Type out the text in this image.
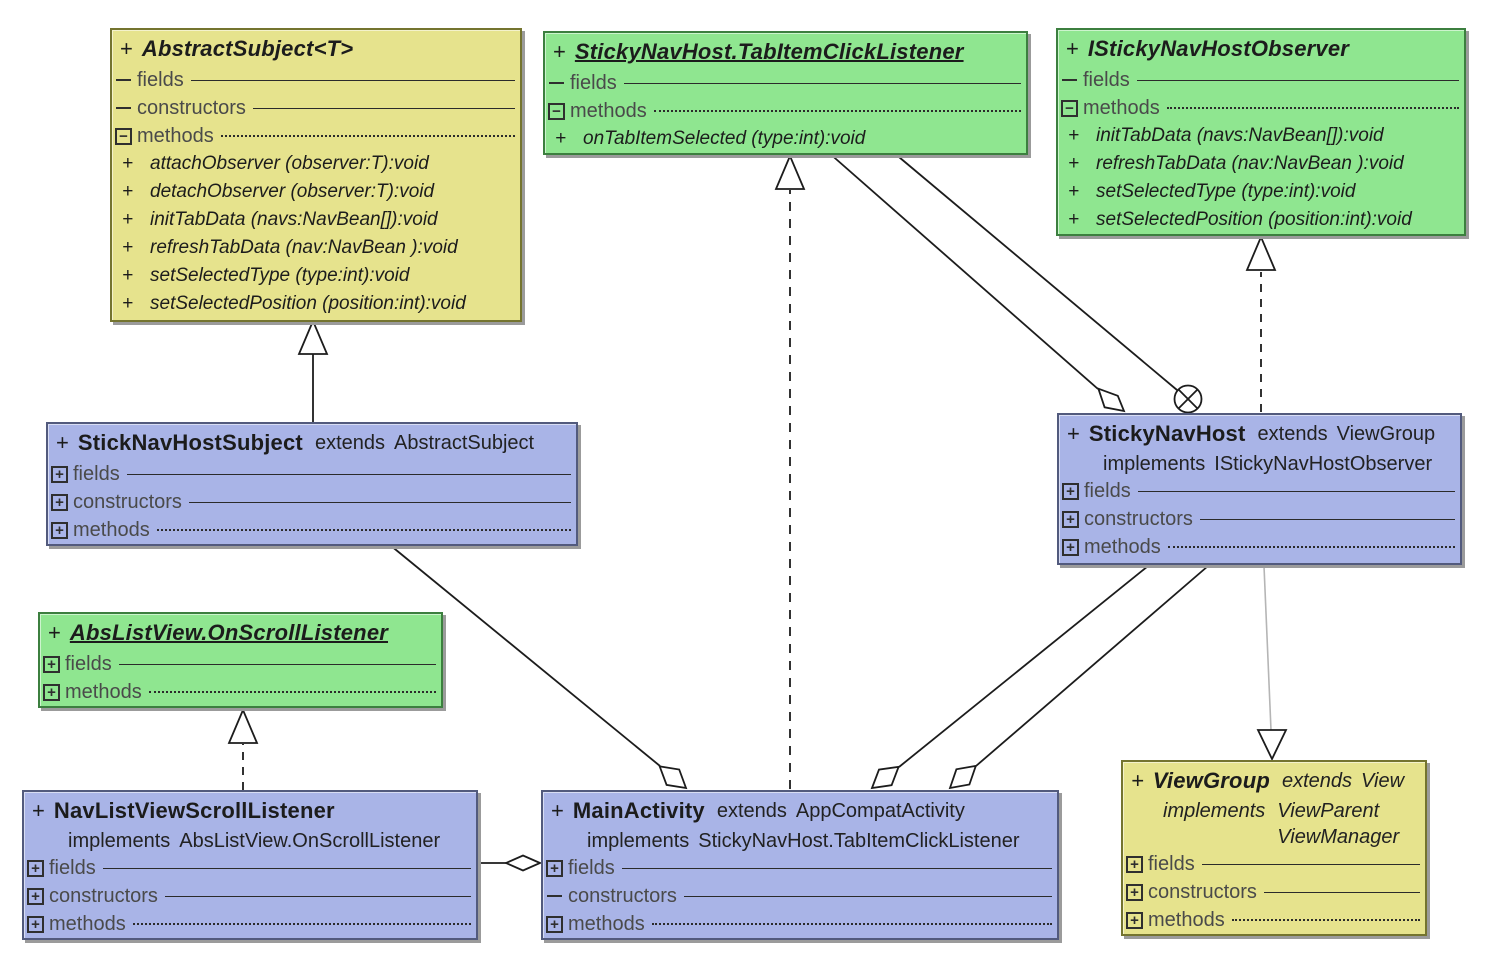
+ AbstractSubject<T>
fields
constructors
− methods
+ attachObserver (observer:T):void
+ detachObserver (observer:T):void
+ initTabData (navs:NavBean[]):void
+ refreshTabData (nav:NavBean ):void
+ setSelectedType (type:int):void
+ setSelectedPosition (position:int):void
+ StickyNavHost.TabItemClickListener
fields
− methods
+ onTabItemSelected (type:int):void
+ IStickyNavHostObserver
fields
− methods
+ initTabData (navs:NavBean[]):void
+ refreshTabData (nav:NavBean ):void
+ setSelectedType (type:int):void
+ setSelectedPosition (position:int):void
+ StickNavHostSubject extends AbstractSubject
+ fields
+ constructors
+ methods
+ StickyNavHost extends ViewGroup
implements IStickyNavHostObserver
+ fields
+ constructors
+ methods
+ AbsListView.OnScrollListener
+ fields
+ methods
+ NavListViewScrollListener
implements AbsListView.OnScrollListener
+ fields
+ constructors
+ methods
+ MainActivity extends AppCompatActivity
implements StickyNavHost.TabItemClickListener
+ fields
constructors
+ methods
+ ViewGroup extends View
implements ViewParent
ViewManager
+ fields
+ constructors
+ methods
